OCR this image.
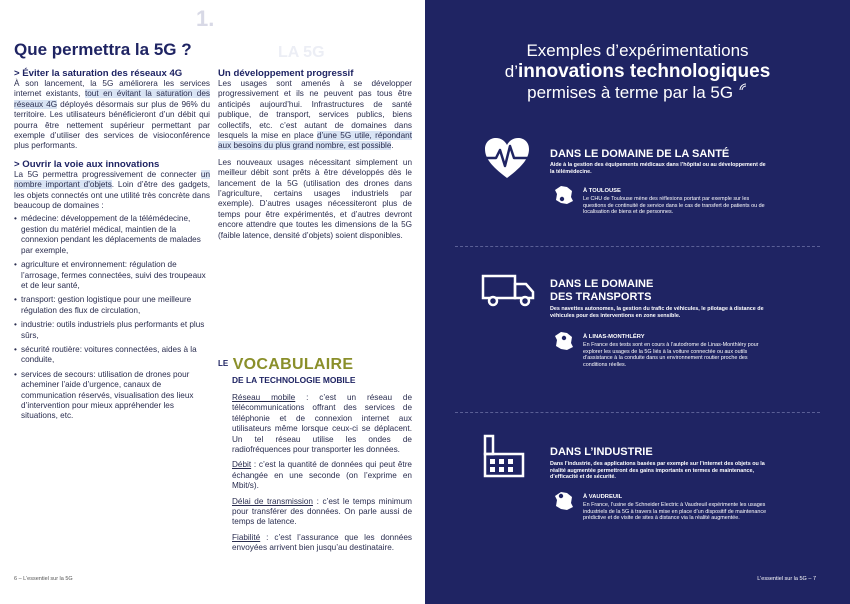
1.
LA 5G
Que permettra la 5G ?
> Éviter la saturation des réseaux 4G

À son lancement, la 5G améliorera les services internet existants, tout en évitant la saturation des réseaux 4G déployés désormais sur plus de 96% du territoire. Les utilisateurs bénéficieront d’un débit qui pourra être nettement supérieur permettant par exemple d’utiliser des services de visioconférence plus performants.

> Ouvrir la voie aux innovations

La 5G permettra progressivement de connecter un nombre important d’objets. Loin d’être des gadgets, les objets connectés ont une utilité très concrète dans beaucoup de domaines :

• médecine: développement de la télémédecine, gestion du matériel médical, maintien de la connexion pendant les déplacements de malades par exemple,
• agriculture et environnement: régulation de l’arrosage, fermes connectées, suivi des troupeaux et de leur santé,
• transport: gestion logistique pour une meilleure régulation des flux de circulation,
• industrie: outils industriels plus performants et plus sûrs,
• sécurité routière: voitures connectées, aides à la conduite,
• services de secours: utilisation de drones pour acheminer l’aide d’urgence, canaux de communication réservés, visualisation des lieux d’intervention pour mieux appréhender les situations, etc.
Un développement progressif

Les usages sont amenés à se développer progressivement et ils ne peuvent pas tous être anticipés aujourd’hui. Infrastructures de santé publique, de transport, services publics, biens collectifs, etc. c’est autant de domaines dans lesquels la mise en place d’une 5G utile, répondant aux besoins du plus grand nombre, est possible.

Les nouveaux usages nécessitant simplement un meilleur débit sont prêts à être développés dès le lancement de la 5G (utilisation des drones dans l’agriculture, certains usages industriels par exemple). D’autres usages nécessiteront plus de temps pour être expérimentés, et d’autres devront encore attendre que toutes les dimensions de la 5G (faible latence, densité d’objets) soient disponibles.

LE VOCABULAIRE
DE LA TECHNOLOGIE MOBILE

Réseau mobile : c’est un réseau de télécommunications offrant des services de téléphonie et de connexion internet aux utilisateurs même lorsque ceux-ci se déplacent. Un tel réseau utilise les ondes de radiofréquences pour transporter les données.

Débit : c’est la quantité de données qui peut être échangée en une seconde (on l’exprime en Mbit/s).

Délai de transmission : c’est le temps minimum pour transférer des données. On parle aussi de temps de latence.

Fiabilité : c’est l’assurance que les données envoyées arrivent bien jusqu’au destinataire.

6 – L’essentiel sur la 5G
Exemples d’expérimentations
d’innovations technologiques
permises à terme par la 5G
DANS LE DOMAINE DE LA SANTÉ
Aide à la gestion des équipements médicaux dans l’hôpital ou au développement de la télémédecine.
À TOULOUSE
Le CHU de Toulouse mène des réflexions portant par exemple sur les questions de continuité de service dans le cas de transfert de patients ou de localisation de biens et de personnes.
DANS LE DOMAINE
DES TRANSPORTS
Des navettes autonomes, la gestion du trafic de véhicules, le pilotage à distance de véhicules pour des interventions en zone sensible.
À LINAS-MONTHLÉRY
En France des tests sont en cours à l’autodrome de Linas-Monthléry pour explorer les usages de la 5G liés à la voiture connectée ou aux outils d’assistance à la conduite dans un environnement routier proche des conditions réelles.
DANS L’INDUSTRIE
Dans l’industrie, des applications basées par exemple sur l’internet des objets ou la réalité augmentée permettront des gains importants en termes de maintenance, d’efficacité et de sécurité.
À VAUDREUIL
En France, l’usine de Schneider Electric à Vaudreuil expérimente les usages industriels de la 5G à travers la mise en place d’un dispositif de maintenance prédictive et de visite de sites à distance via la réalité augmentée.
L’essentiel sur la 5G – 7
